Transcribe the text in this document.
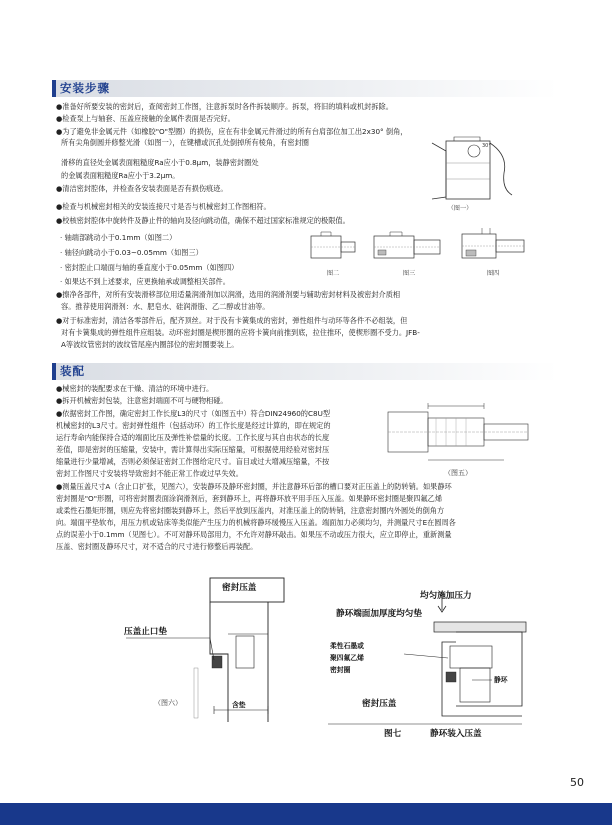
安装步骤
●准备好所要安装的密封后，查阅密封工作图，注意拆泵时各件拆装顺序。拆泵，将旧的填料或机封拆除。
●检查泵上与轴套、压盖应接触的金属件表面是否完好。
●为了避免非金属元件（如橡胶"O"型圈）的损伤，应在有非金属元件滑过的所有台肩部位加工出2x30° 倒角，
所有尖角倒圆并修整光滑（如图一），在键槽或沉孔处倒掉所有棱角，有密封圈
滑移的直径处金属表面粗糙度Ra应小于0.8μm，装静密封圈处
的金属表面粗糙度Ra应小于3.2μm。
●清洁密封腔体，并检查各安装表面是否有损伤痕迹。
●检查与机械密封相关的安装连接尺寸是否与机械密封工作图相符。
●校核密封腔体中旋转件及静止件的轴向及径向跳动值，确保不超过国家标准规定的极限值。
· 轴端部跳动小于0.1mm（如图二）
· 轴径向跳动小于0.03~0.05mm（如图三）
· 密封腔止口端面与轴的垂直度小于0.05mm（如图四）
· 如果达不到上述要求，应更换轴承或调整相关部件。
●擦净各部件，对所有安装滑移部位用适量润滑剂加以润滑，选用的润滑剂要与辅助密封材料及被密封介质相
容。推荐使用润滑剂：水、肥皂水、硅润滑脂、乙二醇或甘油等。
●对于标准密封，清洁各零部件后，配齐顶丝。对于没有卡簧集成的密封，弹性组件与动环等各件不必组装，但
对有卡簧集成的弹性组件应组装。动环密封圈是楔形圈的应将卡簧向前推到底，拉住推环，使楔形圈不受力。JFB-
A等波纹管密封的波纹管尾座内圈部位的密封圈要装上。
30°
（图一）
图二	图三	图四
装配
●械密封的装配要求在干燥、清洁的环境中进行。
●拆开机械密封包装，注意密封端面不可与硬物相碰。
●依据密封工作图，确定密封工作长度L3的尺寸（如图五中）符合DIN24960的C8U型
机械密封的L3尺寸。密封弹性组件（包括动环）的工作长度是经过计算的，即在规定的
运行寿命内能保持合适的端面比压及弹性补偿量的长度。工作长度与其自由状态的长度
差值，即是密封的压缩量，安装中，需计算得出实际压缩量，可根据使用经验对密封压
缩量进行少量增减，否则必须保证密封工作图给定尺寸。盲目或过大增减压缩量，不按
密封工作图尺寸安装将导致密封不能正常工作或过早失效。
●测量压盖尺寸A（含止口扩张，见图六），安装静环及静环密封圈，并注意静环后部的槽口要对正压盖上的防转销。如果静环
密封圈是"O"形圈，可将密封圈表面涂润滑剂后，套到静环上，再将静环放平用手压入压盖。如果静环密封圈是聚四氟乙烯
或柔性石墨矩形圈，则应先将密封圈装到静环上，然后平放到压盖内，对准压盖上的防转销，注意密封圈内外圆处的倒角方
向。端面平垫软布，用压力机或钻床等类似能产生压力的机械将静环缓慢压入压盖。端面加力必须均匀，并测量尺寸E在圆周各
点的误差小于0.1mm（见图七）。不可对静环局部用力，不允许对静环敲击。如果压不动或压力很大，应立即停止，重新测量
压盖、密封圈及静环尺寸，对不适合的尺寸进行修整后再装配。
（图五）
密封压盖
压盖止口垫
含垫
（图六）
均匀施加压力
静环端面加厚度均匀垫
柔性石墨或
聚四氟乙烯
密封圈
静环
密封压盖
图七	静环装入压盖
50
